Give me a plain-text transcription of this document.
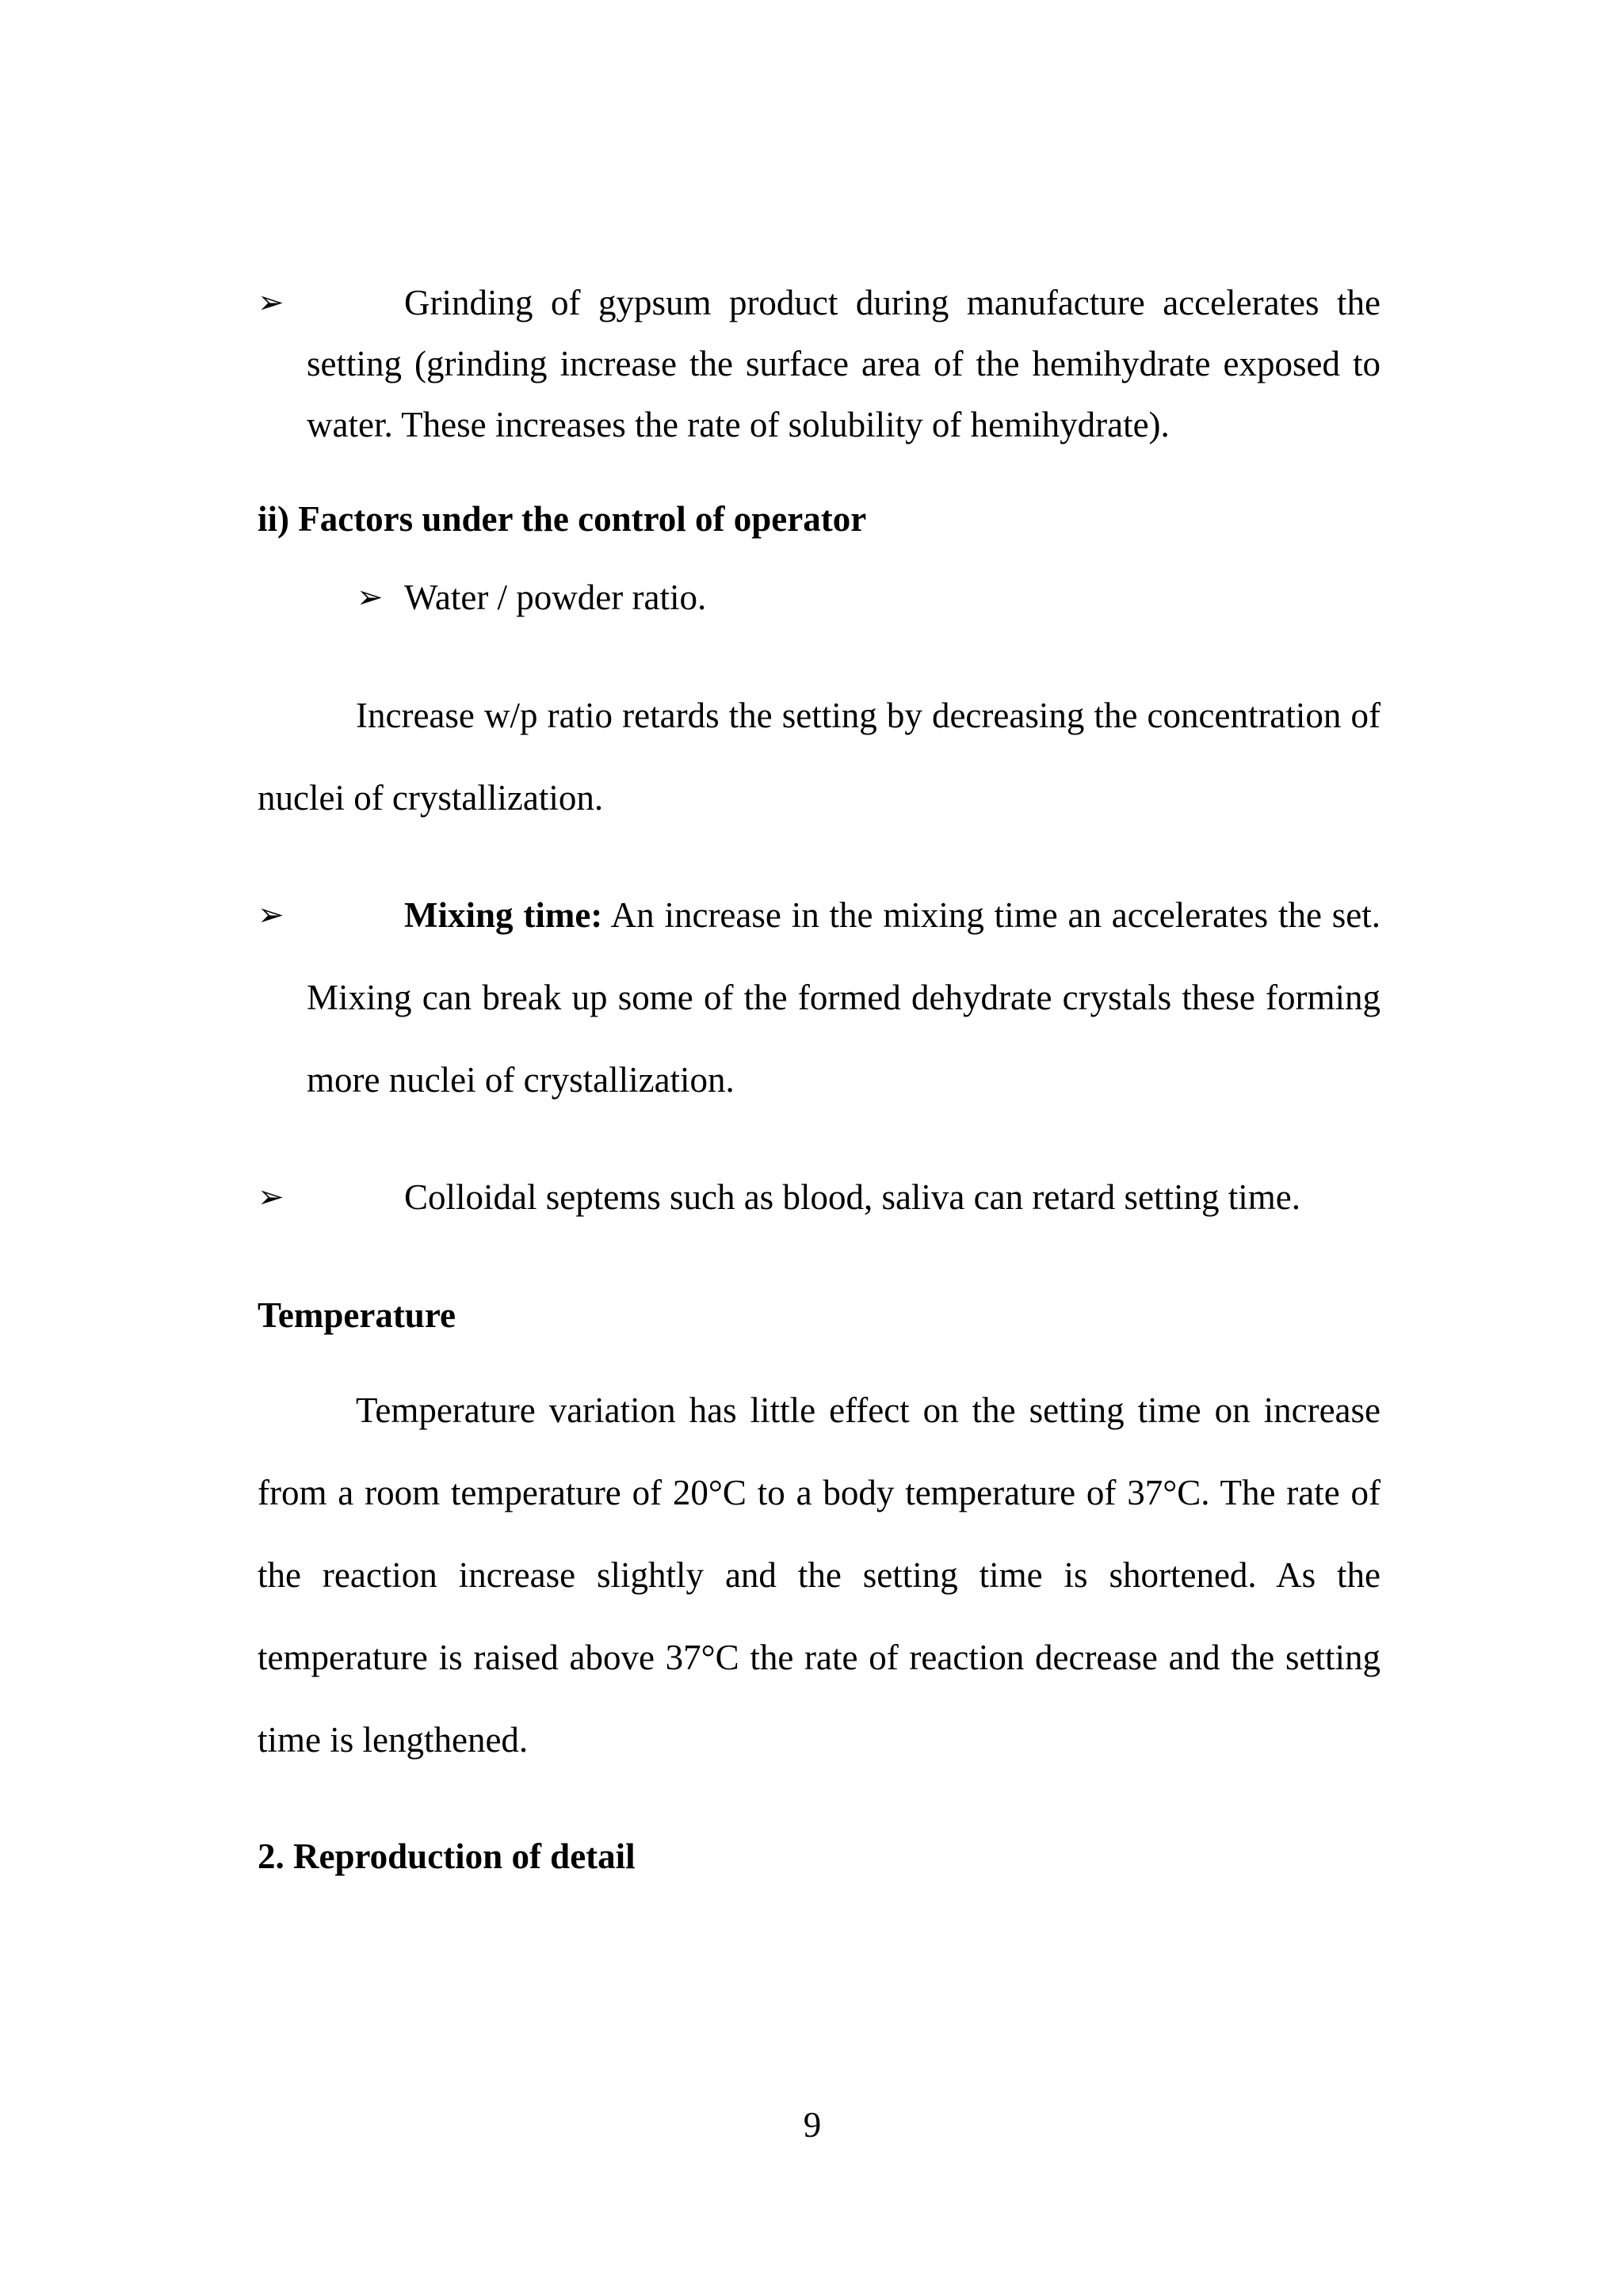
➢	Grinding of gypsum product during manufacture accelerates the
setting (grinding increase the surface area of the hemihydrate exposed to
water. These increases the rate of solubility of hemihydrate).
ii) Factors under the control of operator
➢ Water / powder ratio.
Increase w/p ratio retards the setting by decreasing the concentration of
nuclei of crystallization.
➢	Mixing time: An increase in the mixing time an accelerates the set.
Mixing can break up some of the formed dehydrate crystals these forming
more nuclei of crystallization.
➢	Colloidal septems such as blood, saliva can retard setting time.
Temperature
Temperature variation has little effect on the setting time on increase
from a room temperature of 20°C to a body temperature of 37°C. The rate of
the reaction increase slightly and the setting time is shortened. As the
temperature is raised above 37°C the rate of reaction decrease and the setting
time is lengthened.
2. Reproduction of detail
9
